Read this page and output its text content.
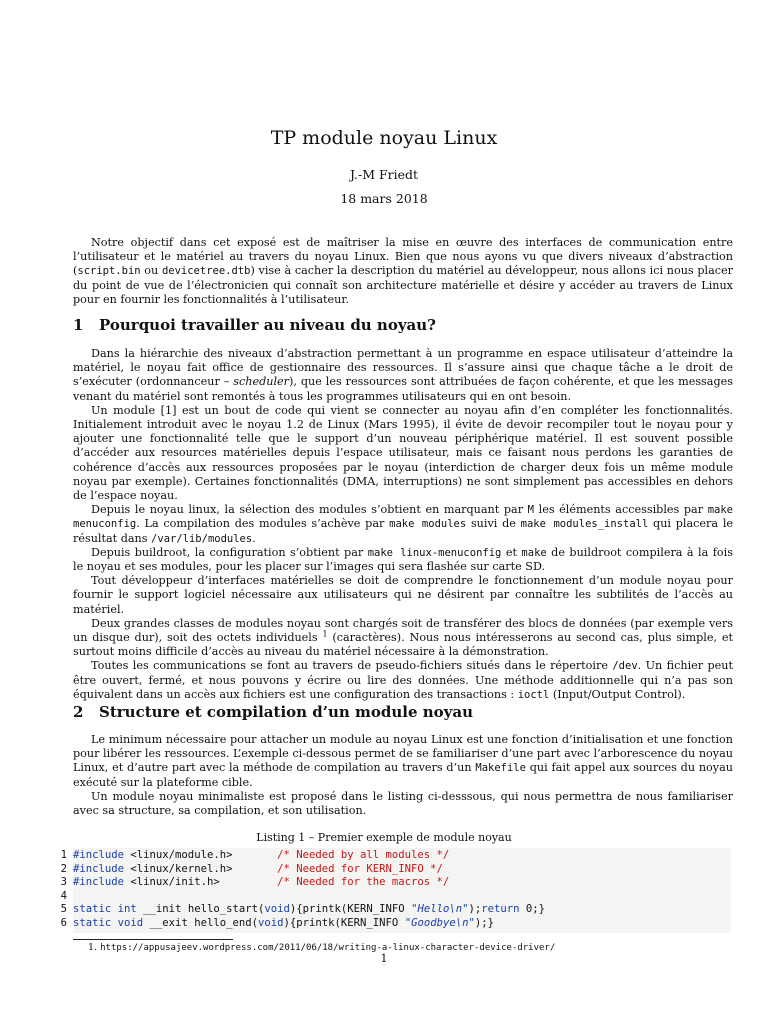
TP module noyau Linux
J.-M Friedt
18 mars 2018

Notre objectif dans cet exposé est de maîtriser la mise en œuvre des interfaces de communication entre l’utilisateur et le matériel au travers du noyau Linux. Bien que nous ayons vu que divers niveaux d’abstraction (script.bin ou devicetree.dtb) vise à cacher la description du matériel au développeur, nous allons ici nous placer du point de vue de l’électronicien qui connaît son architecture matérielle et désire y accéder au travers de Linux pour en fournir les fonctionnalités à l’utilisateur.

1 Pourquoi travailler au niveau du noyau?

Dans la hiérarchie des niveaux d’abstraction permettant à un programme en espace utilisateur d’atteindre la matériel, le noyau fait office de gestionnaire des ressources. Il s’assure ainsi que chaque tâche a le droit de s’exécuter (ordonnanceur – scheduler), que les ressources sont attribuées de façon cohérente, et que les messages venant du matériel sont remontés à tous les programmes utilisateurs qui en ont besoin.

Un module [1] est un bout de code qui vient se connecter au noyau afin d’en compléter les fonctionnalités. Initialement introduit avec le noyau 1.2 de Linux (Mars 1995), il évite de devoir recompiler tout le noyau pour y ajouter une fonctionnalité telle que le support d’un nouveau périphérique matériel. Il est souvent possible d’accéder aux resources matérielles depuis l’espace utilisateur, mais ce faisant nous perdons les garanties de cohérence d’accès aux ressources proposées par le noyau (interdiction de charger deux fois un même module noyau par exemple). Certaines fonctionnalités (DMA, interruptions) ne sont simplement pas accessibles en dehors de l’espace noyau.

Depuis le noyau linux, la sélection des modules s’obtient en marquant par M les éléments accessibles par make menuconfig. La compilation des modules s’achève par make modules suivi de make modules_install qui placera le résultat dans /var/lib/modules.

Depuis buildroot, la configuration s’obtient par make linux-menuconfig et make de buildroot compilera à la fois le noyau et ses modules, pour les placer sur l’images qui sera flashée sur carte SD.

Tout développeur d’interfaces matérielles se doit de comprendre le fonctionnement d’un module noyau pour fournir le support logiciel nécessaire aux utilisateurs qui ne désirent par connaître les subtilités de l’accès au matériel.

Deux grandes classes de modules noyau sont chargés soit de transférer des blocs de données (par exemple vers un disque dur), soit des octets individuels $^1$ (caractères). Nous nous intéresserons au second cas, plus simple, et surtout moins difficile d’accès au niveau du matériel nécessaire à la démonstration.

Toutes les communications se font au travers de pseudo-fichiers situés dans le répertoire /dev. Un fichier peut être ouvert, fermé, et nous pouvons y écrire ou lire des données. Une méthode additionnelle qui n’a pas son équivalent dans un accès aux fichiers est une configuration des transactions : ioctl (Input/Output Control).

2 Structure et compilation d’un module noyau

Le minimum nécessaire pour attacher un module au noyau Linux est une fonction d’initialisation et une fonction pour libérer les ressources. L’exemple ci-dessous permet de se familiariser d’une part avec l’arborescence du noyau Linux, et d’autre part avec la méthode de compilation au travers d’un Makefile qui fait appel aux sources du noyau exécuté sur la plateforme cible.

Un module noyau minimaliste est proposé dans le listing ci-desssous, qui nous permettra de nous familiariser avec sa structure, sa compilation, et son utilisation.

Listing 1 – Premier exemple de module noyau
1 #include <linux/module.h>       /* Needed by all modules */
2 #include <linux/kernel.h>       /* Needed for KERN_INFO */
3 #include <linux/init.h>         /* Needed for the macros */
4
5 static int __init hello_start(void){printk(KERN_INFO "Hello\n");return 0;}
6 static void __exit hello_end(void){printk(KERN_INFO "Goodbye\n");}
1. https://appusajeev.wordpress.com/2011/06/18/writing-a-linux-character-device-driver/
1
